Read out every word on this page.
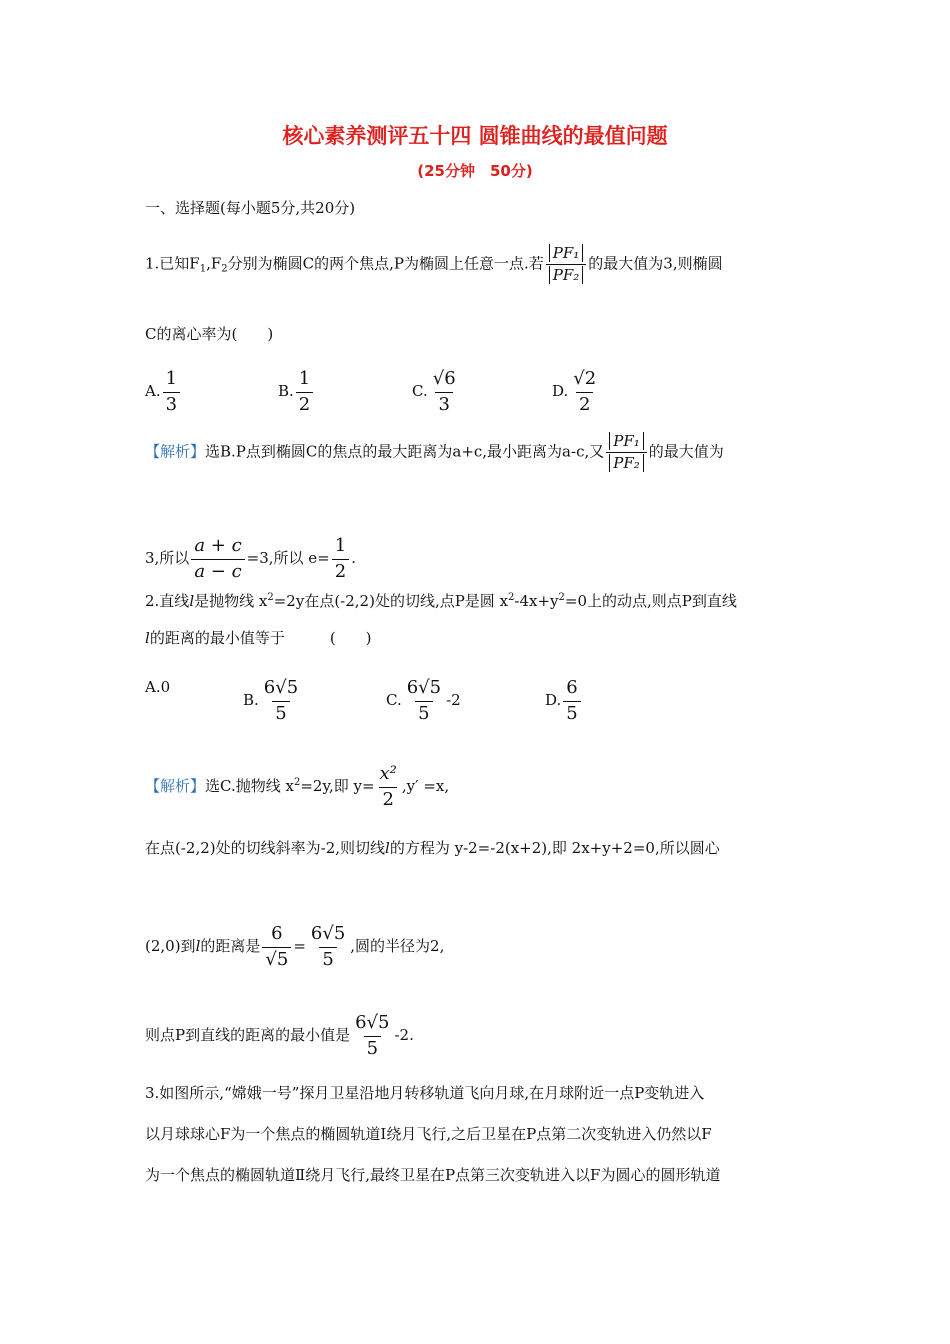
核心素养测评五十四 圆锥曲线的最值问题
(25分钟　50分)
一、选择题(每小题5分,共20分)
1.已知$F_1,F_2$分别为椭圆C的两个焦点,P为椭圆上任意一点.若 $\frac{\text{PF₁}}{\text{PF₂}}$ 的最大值为3,则椭圆
C的离心率为(　　)
A. $\frac{1}{3}$	B. $\frac{1}{2}$	C. $\frac{√6}{3}$	D. $\frac{√2}{2}$
【解析】选B.P点到椭圆C的焦点的最大距离为a+c,最小距离为a-c,又 $\frac{\text{PF₁}}{\text{PF₂}}$ 的最大值为
3,所以 $\frac{a + c}{a - c} =3$,所以 $e= \frac{1}{2}$ .
2.直线l是抛物线 $x^2=2y$在点(-2,2)处的切线,点P是圆 $x^2-4x+y^2=0$上的动点,则点P到直线
l的距离的最小值等于　　　(　　)
A.0
B. $\frac{6√5}{5}$	C. $\frac{6√5}{5} -2$	D. $\frac{6}{5}$
【解析】选C.抛物线 $x^2=2y$,即 $y= \frac{\text{x²}}{2} ,y' =x$,
在点(-2,2)处的切线斜率为-2,则切线l的方程为 y-2=-2(x+2),即 2x+y+2=0,所以圆心
(2,0)到l的距离是 $\frac{6}{√5} = \frac{6√5}{5}$ ,圆的半径为2,
则点P到直线的距离的最小值是 $\frac{6√5}{5} -2$.
3.如图所示,“嫦娥一号”探月卫星沿地月转移轨道飞向月球,在月球附近一点P变轨进入
以月球球心F为一个焦点的椭圆轨道Ⅰ绕月飞行,之后卫星在P点第二次变轨进入仍然以F
为一个焦点的椭圆轨道Ⅱ绕月飞行,最终卫星在P点第三次变轨进入以F为圆心的圆形轨道
